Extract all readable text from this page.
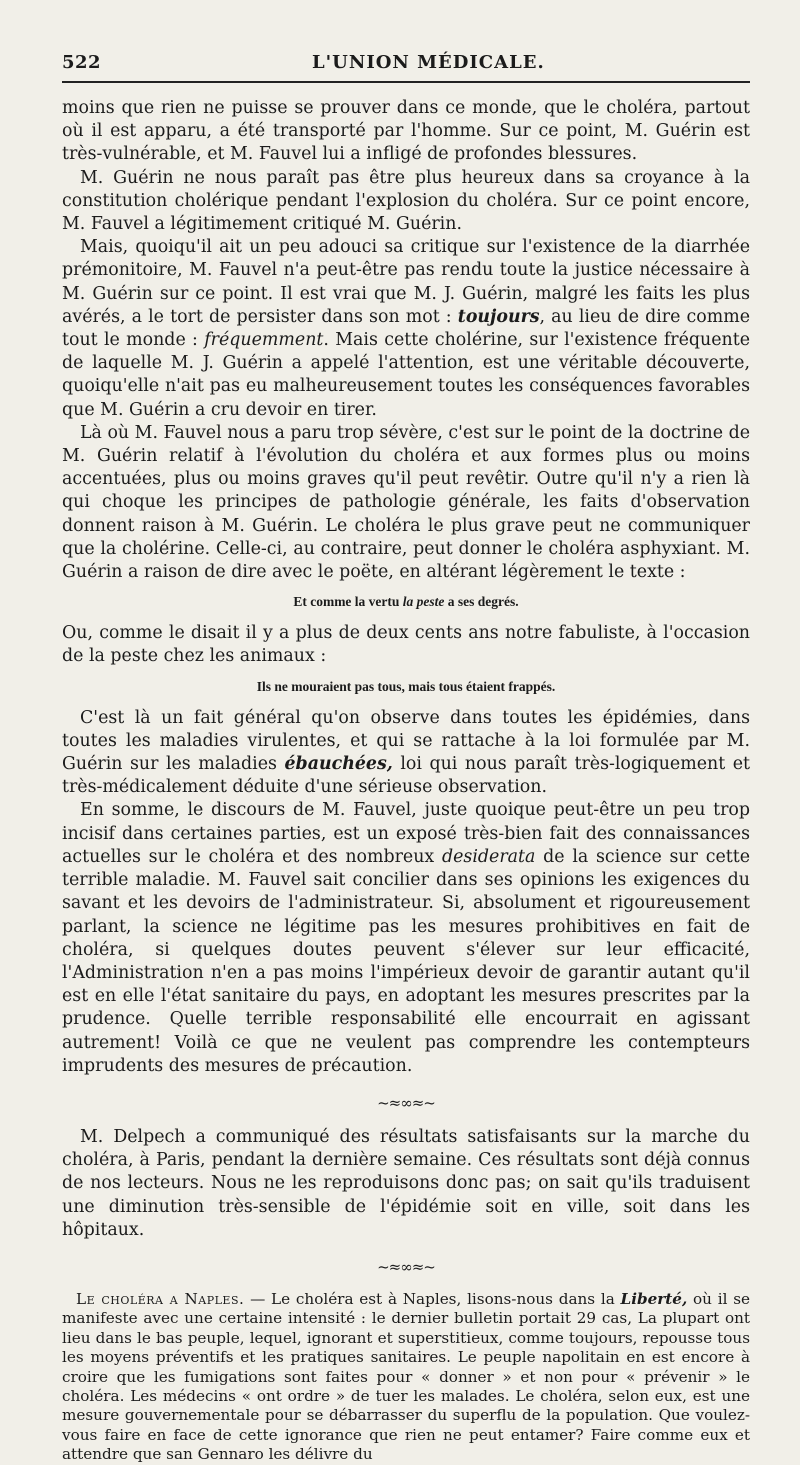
522	L'UNION MÉDICALE.

moins que rien ne puisse se prouver dans ce monde, que le choléra, partout où il est apparu, a été transporté par l'homme. Sur ce point, M. Guérin est très-vulnérable, et M. Fauvel lui a infligé de profondes blessures.

M. Guérin ne nous paraît pas être plus heureux dans sa croyance à la constitution cholérique pendant l'explosion du choléra. Sur ce point encore, M. Fauvel a légitimement critiqué M. Guérin.

Mais, quoiqu'il ait un peu adouci sa critique sur l'existence de la diarrhée prémonitoire, M. Fauvel n'a peut-être pas rendu toute la justice nécessaire à M. Guérin sur ce point. Il est vrai que M. J. Guérin, malgré les faits les plus avérés, a le tort de persister dans son mot : toujours, au lieu de dire comme tout le monde : fréquemment. Mais cette cholérine, sur l'existence fréquente de laquelle M. J. Guérin a appelé l'attention, est une véritable découverte, quoiqu'elle n'ait pas eu malheureusement toutes les conséquences favorables que M. Guérin a cru devoir en tirer.

Là où M. Fauvel nous a paru trop sévère, c'est sur le point de la doctrine de M. Guérin relatif à l'évolution du choléra et aux formes plus ou moins accentuées, plus ou moins graves qu'il peut revêtir. Outre qu'il n'y a rien là qui choque les principes de pathologie générale, les faits d'observation donnent raison à M. Guérin. Le choléra le plus grave peut ne communiquer que la cholérine. Celle-ci, au contraire, peut donner le choléra asphyxiant. M. Guérin a raison de dire avec le poëte, en altérant légèrement le texte :

Et comme la vertu la peste a ses degrés.

Ou, comme le disait il y a plus de deux cents ans notre fabuliste, à l'occasion de la peste chez les animaux :

Ils ne mouraient pas tous, mais tous étaient frappés.

C'est là un fait général qu'on observe dans toutes les épidémies, dans toutes les maladies virulentes, et qui se rattache à la loi formulée par M. Guérin sur les maladies ébauchées, loi qui nous paraît très-logiquement et très-médicalement déduite d'une sérieuse observation.

En somme, le discours de M. Fauvel, juste quoique peut-être un peu trop incisif dans certaines parties, est un exposé très-bien fait des connaissances actuelles sur le choléra et des nombreux desiderata de la science sur cette terrible maladie. M. Fauvel sait concilier dans ses opinions les exigences du savant et les devoirs de l'administrateur. Si, absolument et rigoureusement parlant, la science ne légitime pas les mesures prohibitives en fait de choléra, si quelques doutes peuvent s'élever sur leur efficacité, l'Administration n'en a pas moins l'impérieux devoir de garantir autant qu'il est en elle l'état sanitaire du pays, en adoptant les mesures prescrites par la prudence. Quelle terrible responsabilité elle encourrait en agissant autrement! Voilà ce que ne veulent pas comprendre les contempteurs imprudents des mesures de précaution.

~≈∞≈~

M. Delpech a communiqué des résultats satisfaisants sur la marche du choléra, à Paris, pendant la dernière semaine. Ces résultats sont déjà connus de nos lecteurs. Nous ne les reproduisons donc pas; on sait qu'ils traduisent une diminution très-sensible de l'épidémie soit en ville, soit dans les hôpitaux.

~≈∞≈~

Le choléra a Naples. — Le choléra est à Naples, lisons-nous dans la Liberté, où il se manifeste avec une certaine intensité : le dernier bulletin portait 29 cas, La plupart ont lieu dans le bas peuple, lequel, ignorant et superstitieux, comme toujours, repousse tous les moyens préventifs et les pratiques sanitaires. Le peuple napolitain en est encore à croire que les fumigations sont faites pour « donner » et non pour « prévenir » le choléra. Les médecins « ont ordre » de tuer les malades. Le choléra, selon eux, est une mesure gouvernementale pour se débarrasser du superflu de la population. Que voulez-vous faire en face de cette ignorance que rien ne peut entamer? Faire comme eux et attendre que san Gennaro les délivre du
